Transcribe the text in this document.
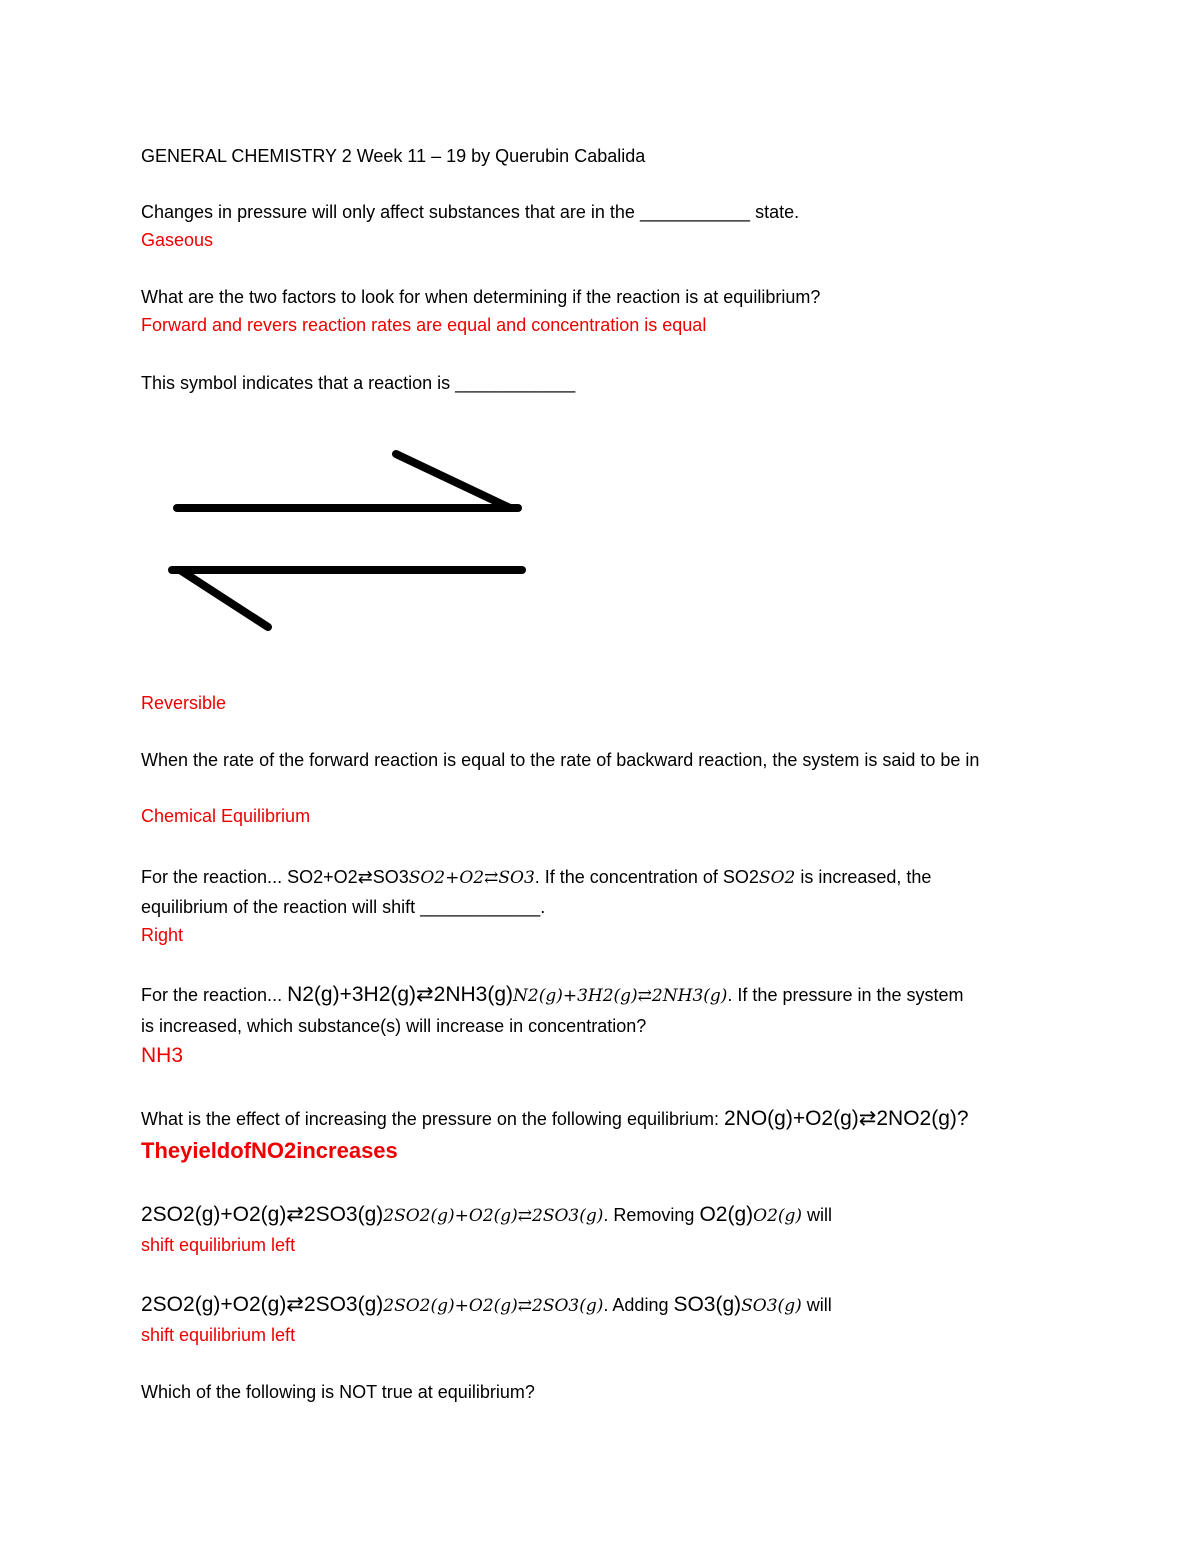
GENERAL CHEMISTRY 2 Week 11 – 19 by Querubin Cabalida
Changes in pressure will only affect substances that are in the ___________ state.
Gaseous
What are the two factors to look for when determining if the reaction is at equilibrium?
Forward and revers reaction rates are equal and concentration is equal
This symbol indicates that a reaction is ____________
Reversible
When the rate of the forward reaction is equal to the rate of backward reaction, the system is said to be in
Chemical Equilibrium
For the reaction... SO2+O2⇄SO3SO2+O2⇄SO3. If the concentration of SO2SO2 is increased, the
equilibrium of the reaction will shift ____________.
Right
For the reaction... N2(g)+3H2(g)⇄2NH3(g)N2(g)+3H2(g)⇄2NH3(g). If the pressure in the system
is increased, which substance(s) will increase in concentration?
NH3
What is the effect of increasing the pressure on the following equilibrium: 2NO(g)+O2(g)⇄2NO2(g)?
TheyieldofNO2increases
2SO2(g)+O2(g)⇄2SO3(g)2SO2(g)+O2(g)⇄2SO3(g). Removing O2(g)O2(g) will
shift equilibrium left
2SO2(g)+O2(g)⇄2SO3(g)2SO2(g)+O2(g)⇄2SO3(g). Adding SO3(g)SO3(g) will
shift equilibrium left
Which of the following is NOT true at equilibrium?
